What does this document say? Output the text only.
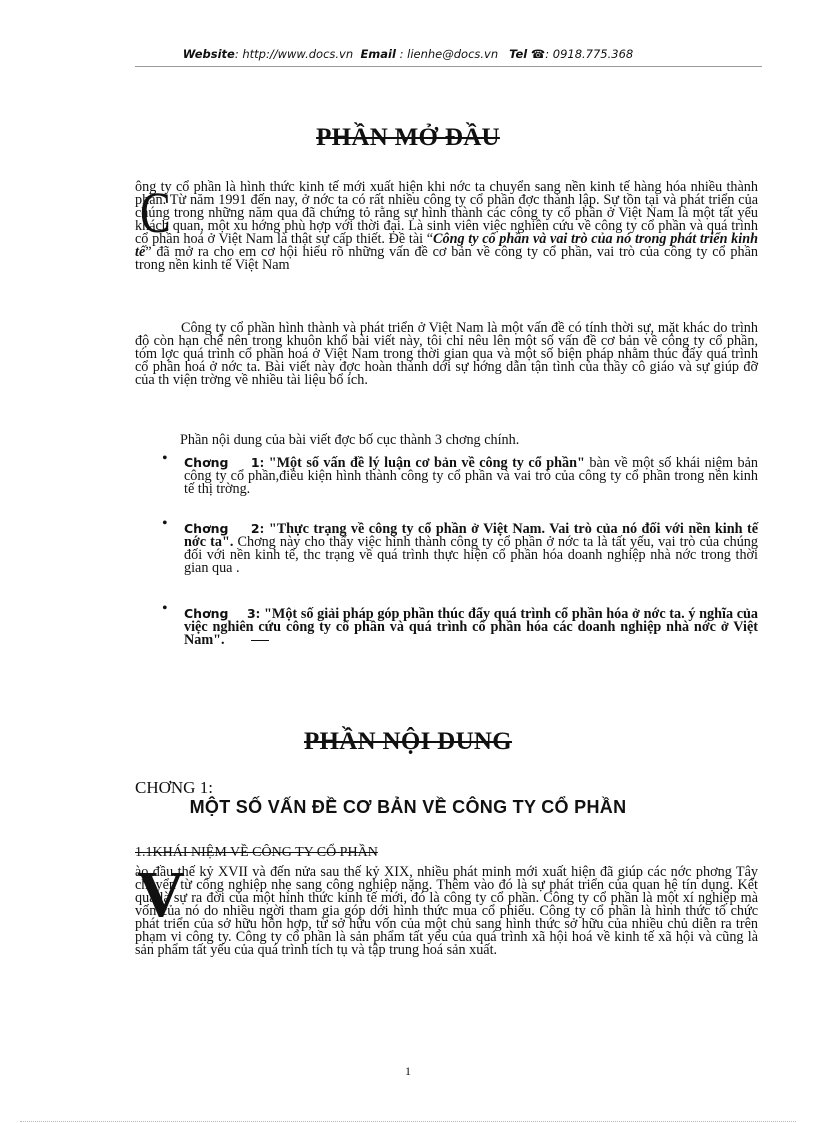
Website: http://www.docs.vn Email : lienhe@docs.vn Tel ☎: 0918.775.368
PHẦN MỞ ĐẦU
C
ông ty cổ phần là hình thức kinh tế mới xuất hiện khi nớc ta chuyển sang nền kinh tế hàng hóa nhiều thành phần. Từ năm 1991 đến nay, ở nớc ta có rất nhiều công ty cổ phần đợc thành lập. Sự tồn tại và phát triển của chúng trong những năm qua đã chứng tỏ rằng sự hình thành các công ty cổ phần ở Việt Nam là một tất yếu khách quan, một xu hớng phù hợp với thời đại. Là sinh viên việc nghiên cứu về công ty cổ phần và quá trình cổ phần hoá ở Việt Nam là thật sự cấp thiết. Đề tài “Công ty cổ phần và vai trò của nó trong phát triển kinh tế” đã mở ra cho em cơ hội hiểu rõ những vấn đề cơ bản về công ty cổ phần, vai trò của công ty cổ phần trong nền kinh tế Việt Nam
Công ty cổ phần hình thành và phát triển ở Việt Nam là một vấn đề có tính thời sự, mặt khác do trình độ còn hạn chế nên trong khuôn khổ bài viết này, tôi chỉ nêu lên một số vấn đề cơ bản về công ty cổ phần, tóm lợc quá trình cổ phần hoá ở Việt Nam trong thời gian qua và một số biện pháp nhằm thúc đẩy quá trình cổ phần hoá ở nớc ta. Bài viết này đợc hoàn thành dới sự hớng dẫn tận tình của thầy cô giáo và sự giúp đỡ của th viện trờng về nhiều tài liệu bổ ích.
Phần nội dung của bài viết đợc bố cục thành 3 chơng chính.
• Chơng 1: "Một số vấn đề lý luận cơ bản về công ty cổ phần" bàn về một số khái niệm bản công ty cổ phần,điều kiện hình thành công ty cổ phần và vai trò của công ty cổ phần trong nền kinh tế thị trờng.
• Chơng 2: "Thực trạng về công ty cổ phần ở Việt Nam. Vai trò của nó đối với nền kinh tế nớc ta". Chơng này cho thấy việc hình thành công ty cổ phần ở nớc ta là tất yếu, vai trò của chúng đối với nền kinh tế, thc trạng về quá trình thực hiện cổ phần hóa doanh nghiệp nhà nớc trong thời gian qua .
• Chơng 3: "Một số giải pháp góp phần thúc đẩy quá trình cổ phần hóa ở nớc ta. ý nghĩa của việc nghiên cứu công ty cổ phần và quá trình cổ phần hóa các doanh nghiệp nhà nớc ở Việt Nam".
PHẦN NỘI DUNG
CHƠNG 1:
MỘT SỐ VẤN ĐỀ CƠ BẢN VỀ CÔNG TY CỔ PHẦN
1.1KHÁI NIỆM VỀ CÔNG TY CỔ PHẦN
V
ào đầu thế kỷ XVII và đến nửa sau thế kỷ XIX, nhiều phát minh mới xuất hiện đã giúp các nớc phơng Tây chuyển từ công nghiệp nhẹ sang công nghiệp nặng. Thêm vào đó là sự phát triển của quan hệ tín dụng. Kết quả là sự ra đời của một hình thức kinh tế mới, đó là công ty cổ phần. Công ty cổ phần là một xí nghiệp mà vốn của nó do nhiều ngời tham gia góp dới hình thức mua cổ phiếu. Công ty cổ phần là hình thức tổ chức phát triển của sở hữu hỗn hợp, từ sở hữu vốn của một chủ sang hình thức sở hữu của nhiều chủ diễn ra trên phạm vi công ty. Công ty cổ phần là sản phẩm tất yếu của quá trình xã hội hoá về kinh tế xã hội và cũng là sản phẩm tất yếu của quá trình tích tụ và tập trung hoá sản xuất.
1
